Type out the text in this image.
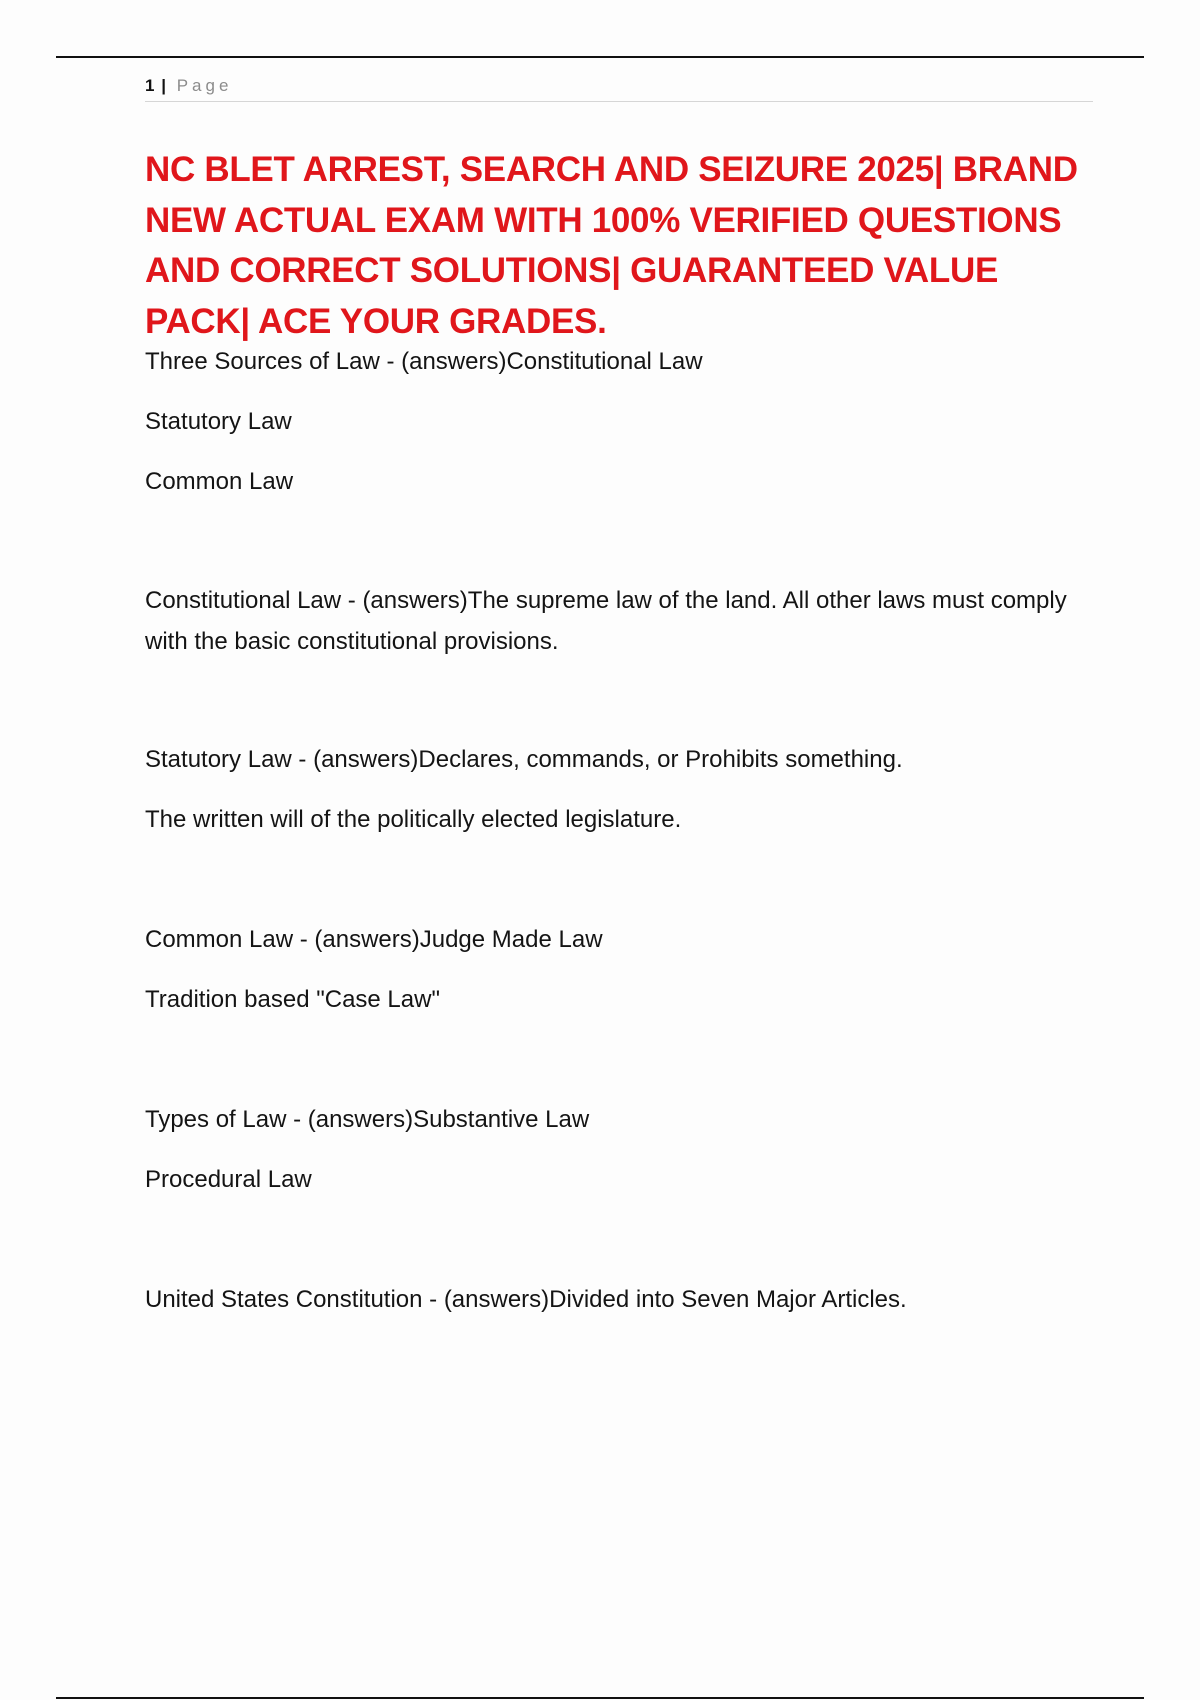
1 | Page
NC BLET ARREST, SEARCH AND SEIZURE 2025| BRAND NEW ACTUAL EXAM WITH 100% VERIFIED QUESTIONS AND CORRECT SOLUTIONS| GUARANTEED VALUE PACK| ACE YOUR GRADES.

Three Sources of Law - (answers)Constitutional Law

Statutory Law

Common Law

Constitutional Law - (answers)The supreme law of the land. All other laws must comply with the basic constitutional provisions.

Statutory Law - (answers)Declares, commands, or Prohibits something.

The written will of the politically elected legislature.

Common Law - (answers)Judge Made Law

Tradition based "Case Law"

Types of Law - (answers)Substantive Law

Procedural Law

United States Constitution - (answers)Divided into Seven Major Articles.
